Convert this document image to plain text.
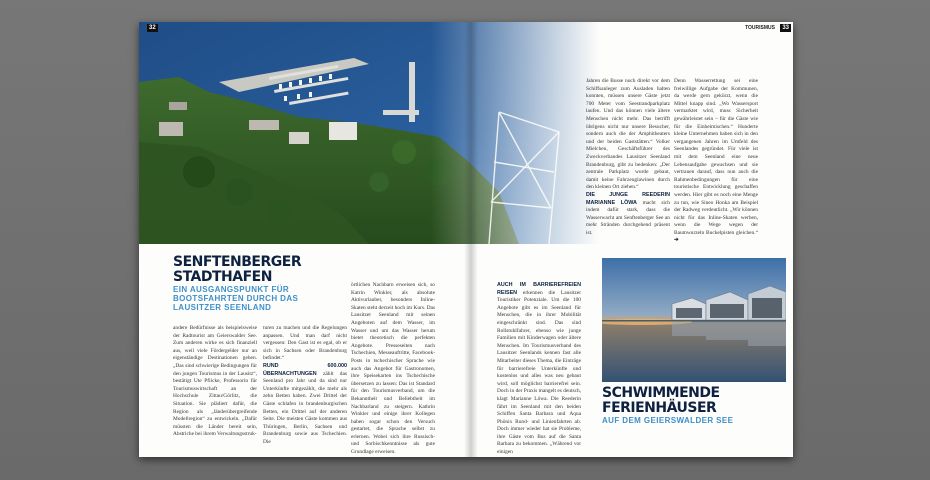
32	33
TOURISMUS
SENFTENBERGER
STADTHAFEN
EIN AUSGANGSPUNKT FÜR
BOOTSFAHRTEN DURCH DAS
LAUSITZER SEENLAND

andere Bedürfnisse als beispielsweise der Radtourist am Geierswalder See. Zum anderen wirke es sich finanziell aus, weil viele Fördergelder nur an eigenständige Destinationen gehen. „Das sind schwierige Bedingungen für den jungen Tourismus in der Lausitz“, bestätigt Ute Pflicke, Professorin für Tourismuswirtschaft an der Hochschule Zittau/Görlitz, die Situation. Sie plädiert dafür, die Region als „länderübergreifende Modellregion“ zu entwickeln. „Dafür müssten die Länder bereit sein, Abstriche bei ihrem Verwaltungsstruk-

turen zu machen und die Regelungen anpassen. Und man darf nicht vergessen: Den Gast ist es egal, ob er sich in Sachsen oder Brandenburg befindet.“

RUND 600.000 ÜBERNACHTUNGEN zählt das Seenland pro Jahr und da sind nur Unterkünfte mitgezählt, die mehr als zehn Betten haben. Zwei Drittel der Gäste schlafen in brandenburgischen Betten, ein Drittel auf der anderen Seite. Die meisten Gäste kommen aus Thüringen, Berlin, Sachsen und Brandenburg sowie aus Tschechien. Die

örtlichen Nachbarn erweisen sich, so Katrin Winkler, als absolute Aktivurlauber, besonders Inline-Skaten steht derzeit hoch im Kurs. Das Lausitzer Seenland mit seinen Angeboten auf dem Wasser, im Wasser und um das Wasser herum bietet theoretisch die perfekten Angebote. Presseseiten nach Tschechien, Messeauftritte, Facebook-Posts in tschechischer Sprache wie auch das Angebot für Gastronomen, ihre Speisekarten ins Tschechische übersetzen zu lassen: Das ist Standard für den Tourismusverband, um die Bekanntheit und Beliebtheit im Nachbarland zu steigern. Kathrin Winkler und einige ihrer Kollegen haben sogar schon den Versuch gestartet, die Sprache selbst zu erlernen. Wobei sich ihre Russisch- und Sorbischkenntnisse als gute Grundlage erweisen.

AUCH IM BARRIEREFREIEN REISEN erkennen die Lausitzer Touristiker Potenziale. Um die 100 Angebote gibt es im Seenland für Menschen, die in ihrer Mobilität eingeschränkt sind. Das sind Rollstuhlfahrer, ebenso wie junge Familien mit Kinderwagen oder ältere Menschen. Im Tourismusverband des Lausitzer Seenlands kennen fast alle Mitarbeiter dieses Thema, die Einträge für barrierefreie Unterkünfte und kostenlos und alles was neu gebaut wird, soll möglichst barrierefrei sein. Doch in der Praxis mangelt es deutsch, klagt Marianne Löwa. Die Reederin fährt im Seenland mit den beiden Schiffen Santa Barbara und Aqua Phönix Rund- und Linienfahrten ab. Doch immer wieder hat sie Probleme, ihre Gäste vom Bus auf die Santa Barbara zu bekommen. „Während vor einigen

Jahren die Busse noch direkt vor dem Schiffsanleger zum Ausladen halten konnten, müssen unsere Gäste jetzt 700 Meter vom Seestrandparkplatz laufen. Und das können viele ältere Menschen nicht mehr. Das betrifft übrigens nicht nur unsere Besucher, sondern auch die der Amphitheaters und der beiden Gaststätten.“ Volker Mielchen, Geschäftsführer des Zweckverbandes Lausitzer Seenland Brandenburg, gibt zu bedenken: „Der zentrale Parkplatz wurde gebaut, damit keine Fahrzeuglawinen durch den kleinen Ort ziehen.“

DIE JUNGE REEDERIN MARIANNE LÖWA macht sich indem dafür stark, dass die Wasserwacht am Senftenberger See an mehr Stränden durchgehend präsent ist.

Denn Wasserrettung sei eine freiwillige Aufgabe der Kommunen, da werde gern gekürzt, wenn die Mittel knapp sind. „Wo Wassersport vermarktet wird, muss Sicherheit gewährleistet sein – für die Gäste wie für die Einheimischen.“ Hunderte kleine Unternehmen haben sich in den vergangenen Jahren im Umfeld des Seenlandes gegründet. Für viele ist mit dem Seenland eine neue Lebensaufgabe gewachsen und sie vertrauen darauf, dass nun auch die Rahmenbedingungen für eine touristische Entwicklung geschaffen werden. Hier gibt es noch eine Menge zu tun, wie Sineo Honka am Beispiel der Radweg verdeutlicht. „Wir können nicht für das Inline-Skaten werben, wenn die Wege wegen der Baumwurzeln Buckelpisten gleichen.“ ➔

SCHWIMMENDE
FERIENHÄUSER
AUF DEM GEIERSWALDER SEE
